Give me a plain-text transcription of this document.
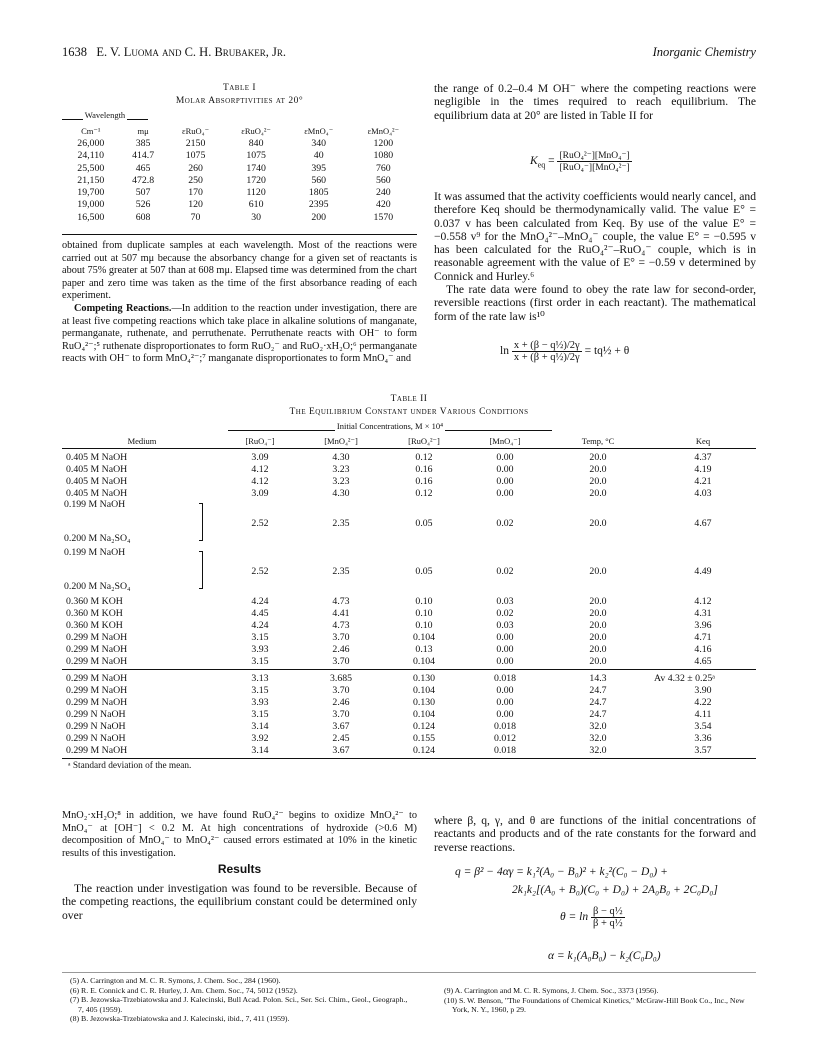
1638 E. V. Luoma and C. H. Brubaker, Jr.	Inorganic Chemistry
Table I
Molar Absorptivities at 20°
Wavelength
Cm⁻¹	mμ	εRuO₄⁻	εRuO₄²⁻	εMnO₄⁻	εMnO₄²⁻
26,000	385	2150	840	340	1200
24,110	414.7	1075	1075	40	1080
25,500	465	260	1740	395	760
21,150	472.8	250	1720	560	560
19,700	507	170	1120	1805	240
19,000	526	120	610	2395	420
16,500	608	70	30	200	1570

obtained from duplicate samples at each wavelength. Most of the reactions were carried out at 507 mμ because the absorbancy change for a given set of reactants is about 75% greater at 507 than at 608 mμ. Elapsed time was determined from the chart paper and zero time was taken as the time of the first absorbance reading of each experiment.

Competing Reactions.—In addition to the reaction under investigation, there are at least five competing reactions which take place in alkaline solutions of manganate, permanganate, ruthenate, and perruthenate. Perruthenate reacts with OH⁻ to form RuO₄²⁻;⁵ ruthenate disproportionates to form RuO₂⁻ and RuO₂·xH₂O;⁶ permanganate reacts with OH⁻ to form MnO₄²⁻;⁷ manganate disproportionates to form MnO₄⁻ and

the range of 0.2–0.4 M OH⁻ where the competing reactions were negligible in the times required to reach equilibrium. The equilibrium data at 20° are listed in Table II for

$K_{eq} = \frac{\text{[RuO₄²⁻][MnO₄⁻]}}{\text{[RuO₄⁻][MnO₄²⁻]}}$

It was assumed that the activity coefficients would nearly cancel, and therefore Keq should be thermodynamically valid. The value E° = 0.037 v has been calculated from Keq. By use of the value E° = −0.558 v⁹ for the MnO₄²⁻–MnO₄⁻ couple, the value E° = −0.595 v has been calculated for the RuO₄²⁻–RuO₄⁻ couple, which is in reasonable agreement with the value of E° = −0.59 v determined by Connick and Hurley.⁶

The rate data were found to obey the rate law for second-order, reversible reactions (first order in each reactant). The mathematical form of the rate law is¹⁰

$\ln \frac{\text{x + (β − q½)/2γ}}{\text{x + (β + q½)/2γ}}$ = tq½ + θ
Table II
The Equilibrium Constant under Various Conditions
Initial Concentrations, M × 10⁴
Medium	[RuO₄⁻]	[MnO₄²⁻]	[RuO₄²⁻]	[MnO₄⁻]	Temp, °C	Keq
0.405 M NaOH	3.09	4.30	0.12	0.00	20.0	4.37
0.405 M NaOH	4.12	3.23	0.16	0.00	20.0	4.19
0.405 M NaOH	4.12	3.23	0.16	0.00	20.0	4.21
0.405 M NaOH	3.09	4.30	0.12	0.00	20.0	4.03
0.199 M NaOH
0.200 M Na₂SO₄
	2.52	2.35	0.05	0.02	20.0	4.67
0.199 M NaOH
0.200 M Na₂SO₄
	2.52	2.35	0.05	0.02	20.0	4.49
0.360 M KOH	4.24	4.73	0.10	0.03	20.0	4.12
0.360 M KOH	4.45	4.41	0.10	0.02	20.0	4.31
0.360 M KOH	4.24	4.73	0.10	0.03	20.0	3.96
0.299 M NaOH	3.15	3.70	0.104	0.00	20.0	4.71
0.299 M NaOH	3.93	2.46	0.13	0.00	20.0	4.16
0.299 M NaOH	3.15	3.70	0.104	0.00	20.0	4.65
0.299 M NaOH	3.13	3.685	0.130	0.018	14.3	Av 4.32 ± 0.25ᵃ
0.299 M NaOH	3.15	3.70	0.104	0.00	24.7	3.90
0.299 M NaOH	3.93	2.46	0.130	0.00	24.7	4.22
0.299 N NaOH	3.15	3.70	0.104	0.00	24.7	4.11
0.299 N NaOH	3.14	3.67	0.124	0.018	32.0	3.54
0.299 N NaOH	3.92	2.45	0.155	0.012	32.0	3.36
0.299 M NaOH	3.14	3.67	0.124	0.018	32.0	3.57
ᵃ Standard deviation of the mean.

MnO₂·xH₂O;⁸ in addition, we have found RuO₄²⁻ begins to oxidize MnO₄²⁻ to MnO₄⁻ at [OH⁻] < 0.2 M. At high concentrations of hydroxide (>0.6 M) decomposition of MnO₄⁻ to MnO₄²⁻ caused errors estimated at 10% in the kinetic results of this investigation.

Results

The reaction under investigation was found to be reversible. Because of the competing reactions, the equilibrium constant could be determined only over

where β, q, γ, and θ are functions of the initial concentrations of reactants and products and of the rate constants for the forward and reverse reactions.

q = β² − 4αγ = k₁²(A₀ − B₀)² + k₂²(C₀ − D₀) +
2k₁k₂[(A₀ + B₀)(C₀ + D₀) + 2A₀B₀ + 2C₀D₀]
$\theta = \ln \frac{\text{β − q½}}{\text{β + q½}}$
α = k₁(A₀B₀) − k₂(C₀D₀)
(5) A. Carrington and M. C. R. Symons, J. Chem. Soc., 284 (1960).
(6) R. E. Connick and C. R. Hurley, J. Am. Chem. Soc., 74, 5012 (1952).
(7) B. Jezowska-Trzebiatowska and J. Kalecinski, Bull Acad. Polon. Sci., Ser. Sci. Chim., Geol., Geograph., 7, 405 (1959).
(8) B. Jezowska-Trzebiatowska and J. Kalecinski, ibid., 7, 411 (1959).
(9) A. Carrington and M. C. R. Symons, J. Chem. Soc., 3373 (1956).
(10) S. W. Benson, "The Foundations of Chemical Kinetics," McGraw-Hill Book Co., Inc., New York, N. Y., 1960, p 29.
